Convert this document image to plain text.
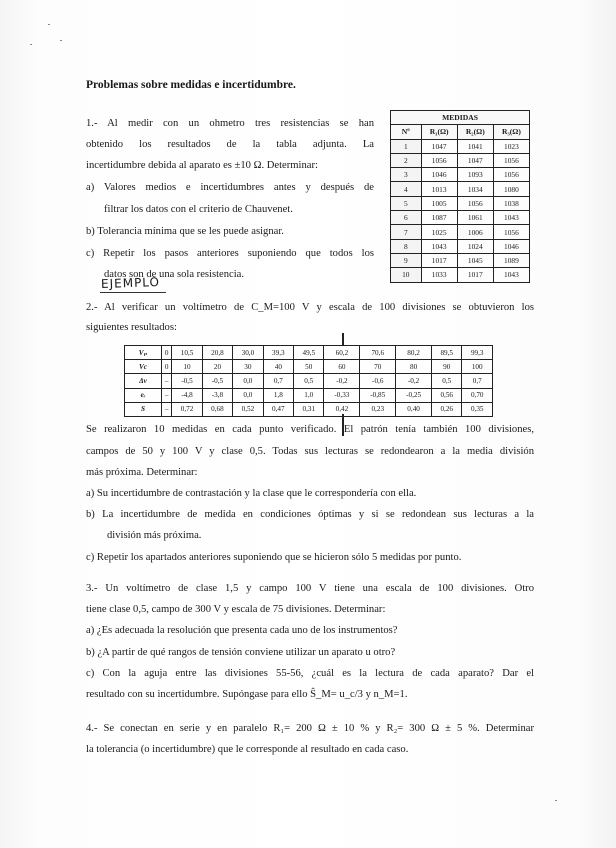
Problemas sobre medidas e incertidumbre.
1.- Al medir con un ohmetro tres resistencias se han
obtenido los resultados de la tabla adjunta. La
incertidumbre debida al aparato es ±10 Ω. Determinar:
a) Valores medios e incertidumbres antes y después de
filtrar los datos con el criterio de Chauvenet.
b) Tolerancia mínima que se les puede asignar.
c) Repetir los pasos anteriores suponiendo que todos los
datos son de una sola resistencia.
EJEMPLO
MEDIDAS			
Nº	R₁(Ω)	R₂(Ω)	R₃(Ω)
1	1047	1041	1023
2	1056	1047	1056
3	1046	1093	1056
4	1013	1034	1080
5	1005	1056	1038
6	1087	1061	1043
7	1025	1006	1056
8	1043	1024	1046
9	1017	1045	1089
10	1033	1017	1043
2.- Al verificar un voltímetro de C_M=100 V y escala de 100 divisiones se obtuvieron los
siguientes resultados:
Vₚ	0	10,5	20,8	30,0	39,3	49,5	60,2	70,6	80,2	89,5	99,3
Vc	0	10	20	30	40	50	60	70	80	90	100
Δv	–	-0,5	-0,5	0,0	0,7	0,5	-0,2	-0,6	-0,2	0,5	0,7
eᵣ	–	-4,8	-3,8	0,0	1,8	1,0	-0,33	-0,85	-0,25	0,56	0,70
S	–	0,72	0,68	0,52	0,47	0,31	0,42	0,23	0,40	0,26	0,35
Se realizaron 10 medidas en cada punto verificado. El patrón tenía también 100 divisiones,
campos de 50 y 100 V y clase 0,5. Todas sus lecturas se redondearon a la media división
más próxima. Determinar:
a) Su incertidumbre de contrastación y la clase que le correspondería con ella.
b) La incertidumbre de medida en condiciones óptimas y si se redondean sus lecturas a la
división más próxima.
c) Repetir los apartados anteriores suponiendo que se hicieron sólo 5 medidas por punto.
3.- Un voltímetro de clase 1,5 y campo 100 V tiene una escala de 100 divisiones. Otro
tiene clase 0,5, campo de 300 V y escala de 75 divisiones. Determinar:
a) ¿Es adecuada la resolución que presenta cada uno de los instrumentos?
b) ¿A partir de qué rangos de tensión conviene utilizar un aparato u otro?
c) Con la aguja entre las divisiones 55-56, ¿cuál es la lectura de cada aparato? Dar el
resultado con su incertidumbre. Supóngase para ello Ŝ_M= u_c/3 y n_M=1.
4.- Se conectan en serie y en paralelo R₁= 200 Ω ± 10 % y R₂= 300 Ω ± 5 %. Determinar
la tolerancia (o incertidumbre) que le corresponde al resultado en cada caso.
